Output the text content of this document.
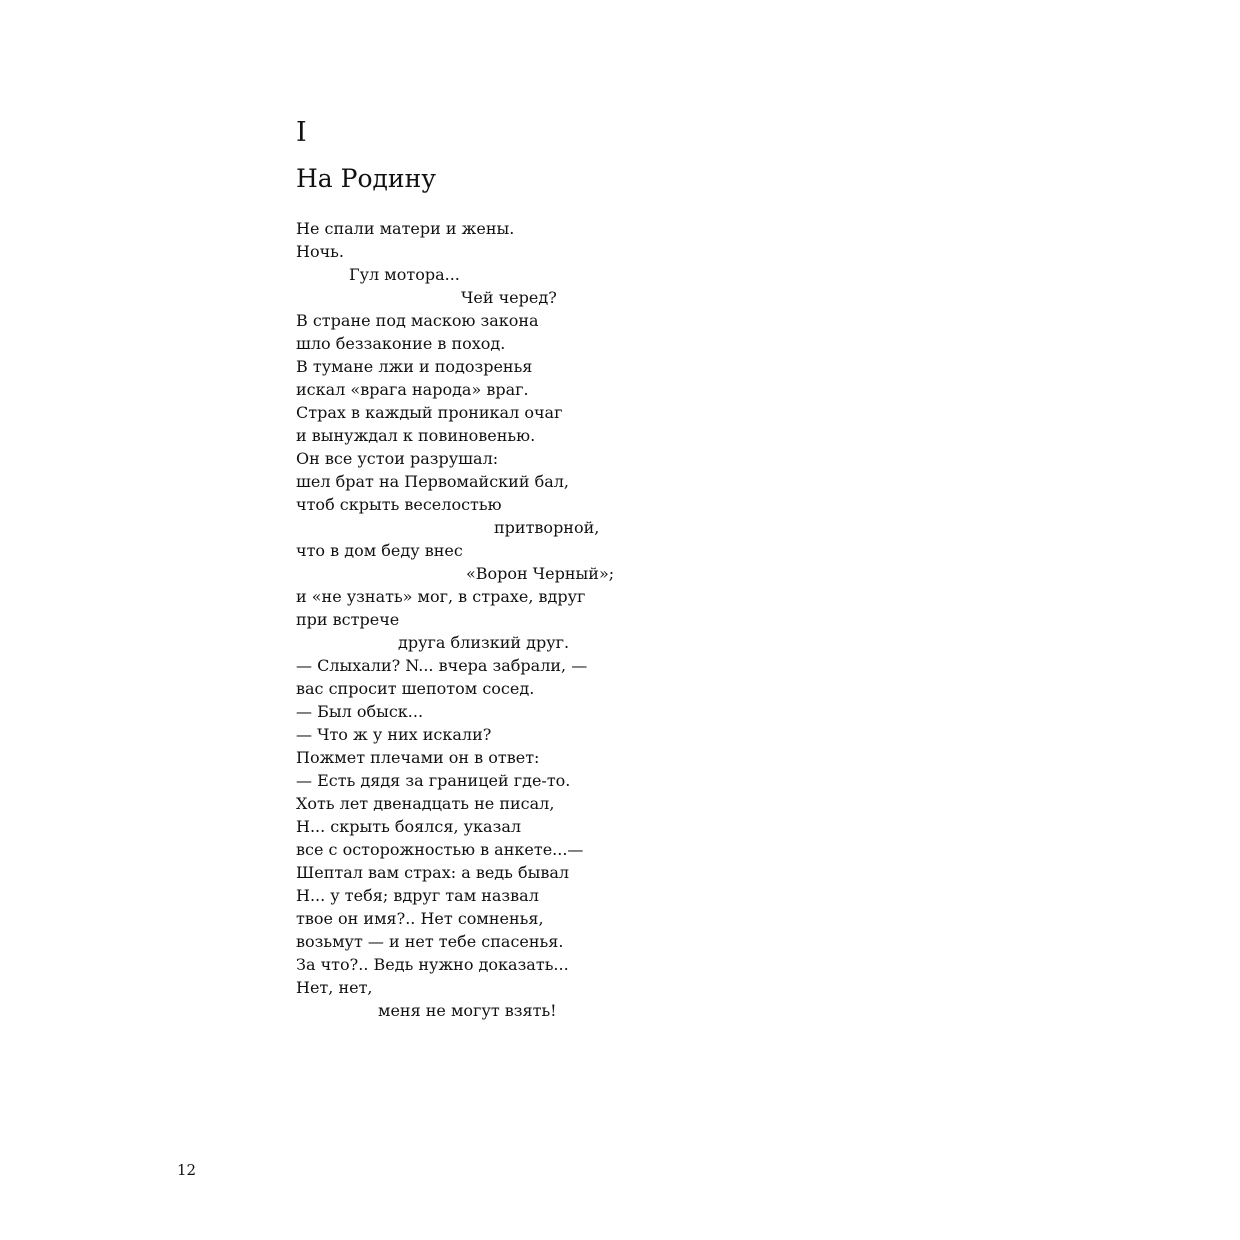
I
На Родину
Не спали матери и жены.
Ночь.
Гул мотора...
Чей черед?
В стране под маскою закона
шло беззаконие в поход.
В тумане лжи и подозренья
искал «врага народа» враг.
Страх в каждый проникал очаг
и вынуждал к повиновенью.
Он все устои разрушал:
шел брат на Первомайский бал,
чтоб скрыть веселостью
притворной,
что в дом беду внес
«Ворон Черный»;
и «не узнать» мог, в страхе, вдруг
при встрече
друга близкий друг.
— Слыхали? N... вчера забрали, —
вас спросит шепотом сосед.
— Был обыск...
— Что ж у них искали?
Пожмет плечами он в ответ:
— Есть дядя за границей где-то.
Хоть лет двенадцать не писал,
Н... скрыть боялся, указал
все с осторожностью в анкете...—
Шептал вам страх: а ведь бывал
Н... у тебя; вдруг там назвал
твое он имя?.. Нет сомненья,
возьмут — и нет тебе спасенья.
За что?.. Ведь нужно доказать...
Нет, нет,
меня не могут взять!
12
